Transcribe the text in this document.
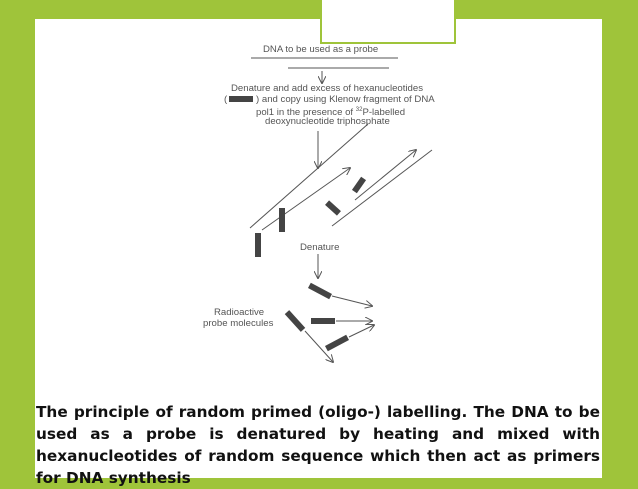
DNA to be used as a probe
Denature and add excess of hexanucleotides
(	) and copy using Klenow fragment of DNA
pol1 in the presence of $^{32}$P-labelled
deoxynucleotide triphosphate
Denature
Radioactive
probe molecules

The principle of random primed (oligo-) labelling. The DNA to be used as a probe is denatured by heating and mixed with hexanucleotides of random sequence which then act as primers for DNA synthesis
